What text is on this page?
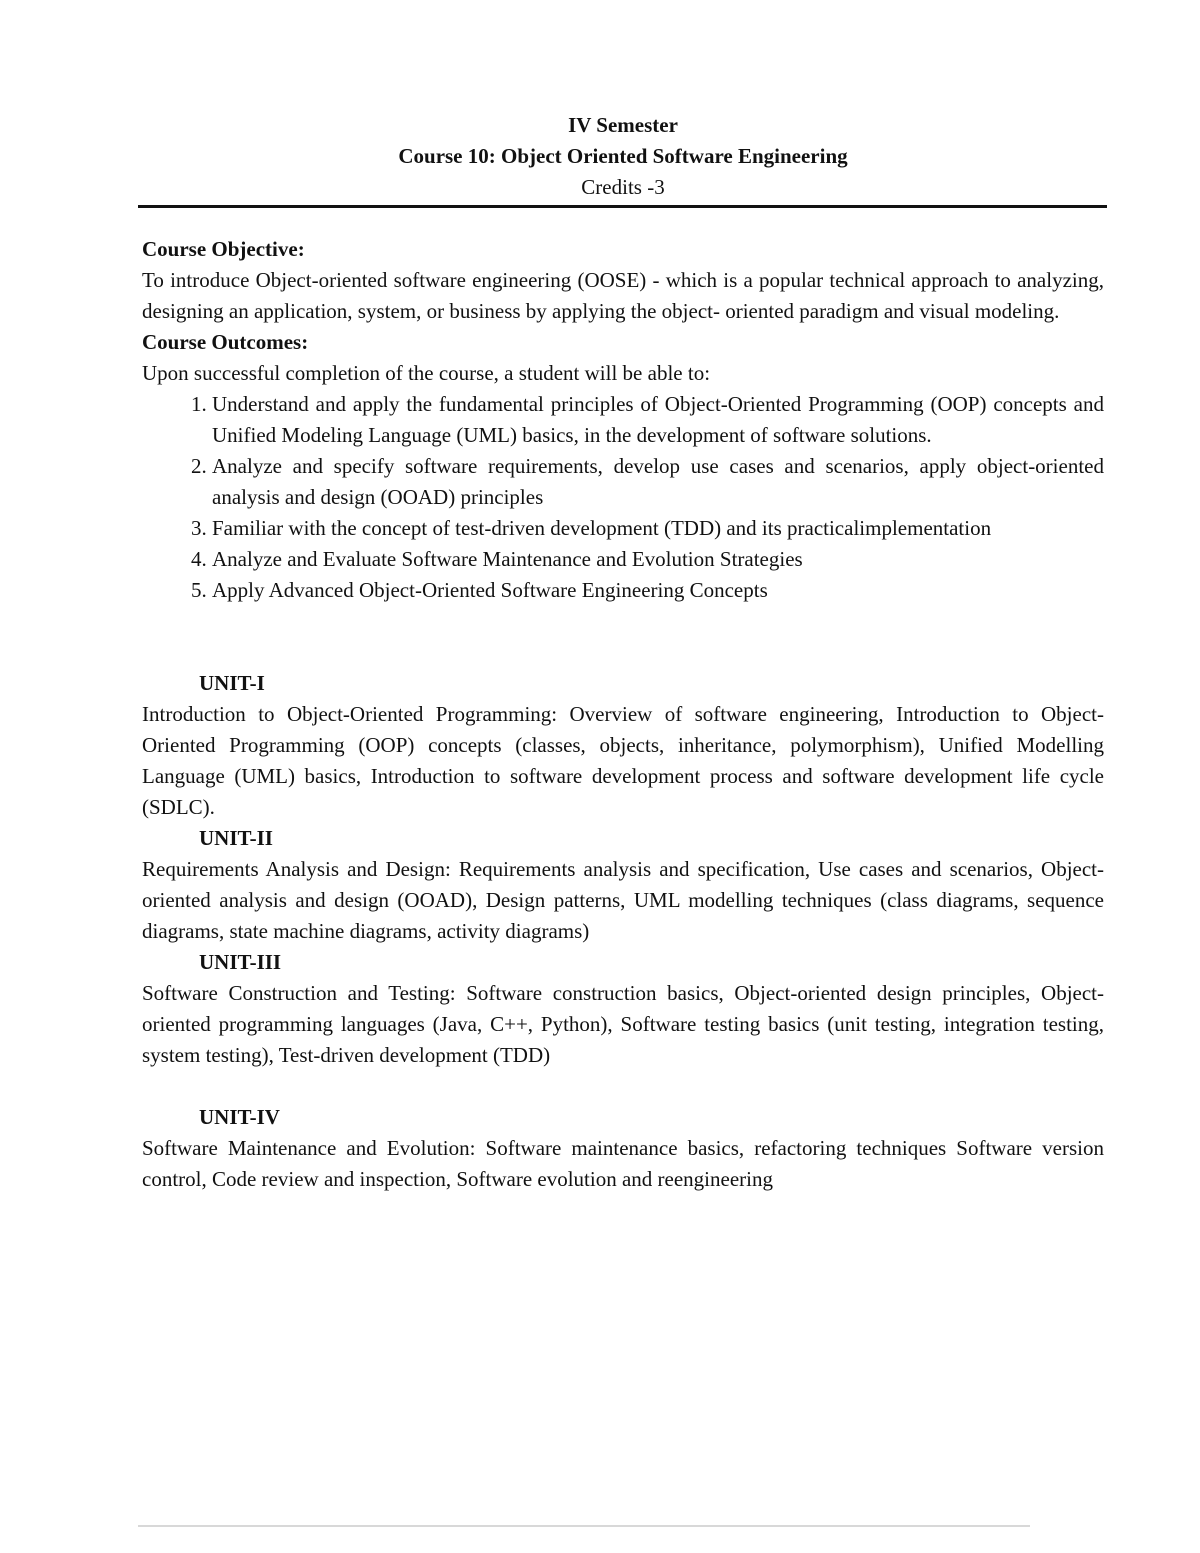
IV Semester
Course 10: Object Oriented Software Engineering
Credits -3

Course Objective:

To introduce Object-oriented software engineering (OOSE) - which is a popular technical approach to analyzing, designing an application, system, or business by applying the object- oriented paradigm and visual modeling.

Course Outcomes:

Upon successful completion of the course, a student will be able to:

1. Understand and apply the fundamental principles of Object-Oriented Programming (OOP) concepts and Unified Modeling Language (UML) basics, in the development of software solutions.
2. Analyze and specify software requirements, develop use cases and scenarios, apply object-oriented analysis and design (OOAD) principles
3. Familiar with the concept of test-driven development (TDD) and its practicalimplementation
4. Analyze and Evaluate Software Maintenance and Evolution Strategies
5. Apply Advanced Object-Oriented Software Engineering Concepts

UNIT-I

Introduction to Object-Oriented Programming: Overview of software engineering, Introduction to Object-Oriented Programming (OOP) concepts (classes, objects, inheritance, polymorphism), Unified Modelling Language (UML) basics, Introduction to software development process and software development life cycle (SDLC).

UNIT-II

Requirements Analysis and Design: Requirements analysis and specification, Use cases and scenarios, Object-oriented analysis and design (OOAD), Design patterns, UML modelling techniques (class diagrams, sequence diagrams, state machine diagrams, activity diagrams)

UNIT-III

Software Construction and Testing: Software construction basics, Object-oriented design principles, Object-oriented programming languages (Java, C++, Python), Software testing basics (unit testing, integration testing, system testing), Test-driven development (TDD)

UNIT-IV

Software Maintenance and Evolution: Software maintenance basics, refactoring techniques Software version control, Code review and inspection, Software evolution and reengineering
